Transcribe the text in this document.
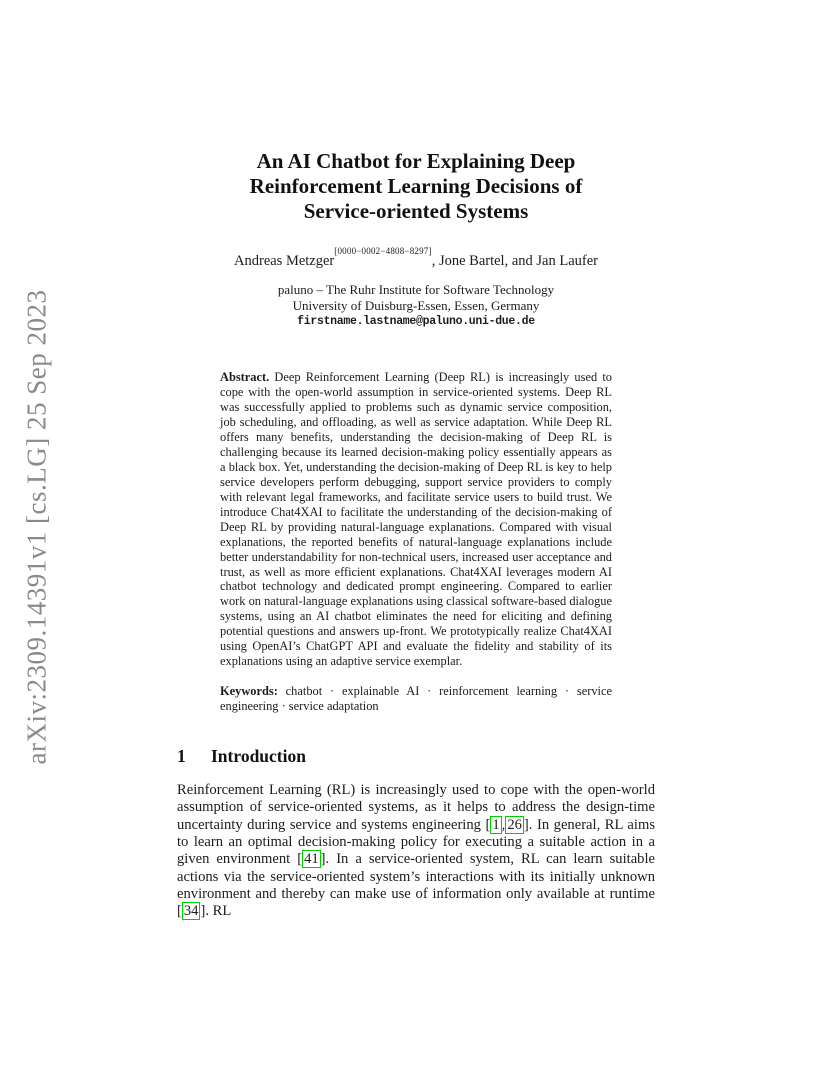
arXiv:2309.14391v1 [cs.LG] 25 Sep 2023
An AI Chatbot for Explaining Deep
Reinforcement Learning Decisions of
Service-oriented Systems
Andreas Metzger[0000−0002−4808−8297], Jone Bartel, and Jan Laufer
paluno – The Ruhr Institute for Software Technology
University of Duisburg-Essen, Essen, Germany
firstname.lastname@paluno.uni-due.de

Abstract. Deep Reinforcement Learning (Deep RL) is increasingly used to cope with the open-world assumption in service-oriented systems. Deep RL was successfully applied to problems such as dynamic service composition, job scheduling, and offloading, as well as service adaptation. While Deep RL offers many benefits, understanding the decision-making of Deep RL is challenging because its learned decision-making policy essentially appears as a black box. Yet, understanding the decision-making of Deep RL is key to help service developers perform debugging, support service providers to comply with relevant legal frameworks, and facilitate service users to build trust. We introduce Chat4XAI to facilitate the understanding of the decision-making of Deep RL by providing natural-language explanations. Compared with visual explanations, the reported benefits of natural-language explanations include better understandability for non-technical users, increased user acceptance and trust, as well as more efficient explanations. Chat4XAI leverages modern AI chatbot technology and dedicated prompt engineering. Compared to earlier work on natural-language explanations using classical software-based dialogue systems, using an AI chatbot eliminates the need for eliciting and defining potential questions and answers up-front. We prototypically realize Chat4XAI using OpenAI’s ChatGPT API and evaluate the fidelity and stability of its explanations using an adaptive service exemplar.

Keywords: chatbot · explainable AI · reinforcement learning · service engineering · service adaptation

1 Introduction

Reinforcement Learning (RL) is increasingly used to cope with the open-world assumption of service-oriented systems, as it helps to address the design-time uncertainty during service and systems engineering [ 1 , 26 ]. In general, RL aims to learn an optimal decision-making policy for executing a suitable action in a given environment [ 41 ]. In a service-oriented system, RL can learn suitable actions via the service-oriented system’s interactions with its initially unknown environment and thereby can make use of information only available at runtime [ 34 ]. RL
